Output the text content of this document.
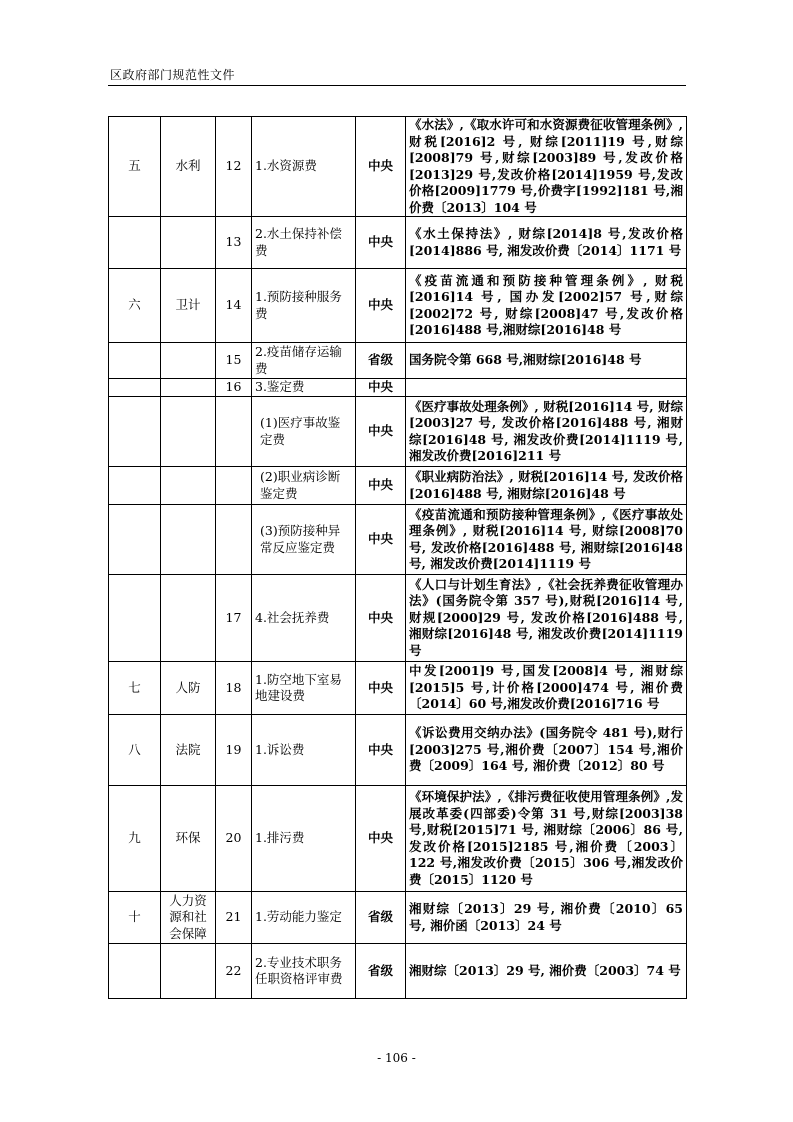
区政府部门规范性文件
五	水利	12	1.水资源费	中央	《水法》,《取水许可和水资源费征收管理条例》, 财税[2016]2 号, 财综[2011]19 号,财综[2008]79 号,财综[2003]89 号,发改价格[2013]29 号,发改价格[2014]1959 号,发改价格[2009]1779 号,价费字[1992]181 号,湘价费〔2013〕104 号
		13	2.水土保持补偿费	中央	《水土保持法》, 财综[2014]8 号,发改价格[2014]886 号, 湘发改价费〔2014〕1171 号
六	卫计	14	1.预防接种服务费	中央	《疫苗流通和预防接种管理条例》, 财税[2016]14 号, 国办发[2002]57 号,财综[2002]72 号, 财综[2008]47 号,发改价格[2016]488 号,湘财综[2016]48 号
		15	2.疫苗储存运输费	省级	国务院令第 668 号,湘财综[2016]48 号
		16	3.鉴定费	中央	
			(1)医疗事故鉴定费	中央	《医疗事故处理条例》, 财税[2016]14 号, 财综[2003]27 号, 发改价格[2016]488 号, 湘财综[2016]48 号, 湘发改价费[2014]1119 号, 湘发改价费[2016]211 号
			(2)职业病诊断鉴定费	中央	《职业病防治法》, 财税[2016]14 号, 发改价格[2016]488 号, 湘财综[2016]48 号
			(3)预防接种异常反应鉴定费	中央	《疫苗流通和预防接种管理条例》,《医疗事故处理条例》, 财税[2016]14 号, 财综[2008]70 号, 发改价格[2016]488 号, 湘财综[2016]48 号, 湘发改价费[2014]1119 号
		17	4.社会抚养费	中央	《人口与计划生育法》,《社会抚养费征收管理办法》(国务院令第 357 号),财税[2016]14 号, 财规[2000]29 号, 发改价格[2016]488 号, 湘财综[2016]48 号, 湘发改价费[2014]1119 号
七	人防	18	1.防空地下室易地建设费	中央	中发[2001]9 号,国发[2008]4 号, 湘财综[2015]5 号,计价格[2000]474 号, 湘价费〔2014〕60 号,湘发改价费[2016]716 号
八	法院	19	1.诉讼费	中央	《诉讼费用交纳办法》(国务院令 481 号),财行[2003]275 号,湘价费〔2007〕154 号,湘价费〔2009〕164 号, 湘价费〔2012〕80 号
九	环保	20	1.排污费	中央	《环境保护法》,《排污费征收使用管理条例》,发展改革委(四部委)令第 31 号,财综[2003]38 号,财税[2015]71 号, 湘财综〔2006〕86 号,发改价格[2015]2185 号,湘价费〔2003〕122 号,湘发改价费〔2015〕306 号,湘发改价费〔2015〕1120 号
十	人力资源和社会保障	21	1.劳动能力鉴定	省级	湘财综〔2013〕29 号, 湘价费〔2010〕65 号, 湘价函〔2013〕24 号
		22	2.专业技术职务任职资格评审费	省级	湘财综〔2013〕29 号, 湘价费〔2003〕74 号
- 106 -
